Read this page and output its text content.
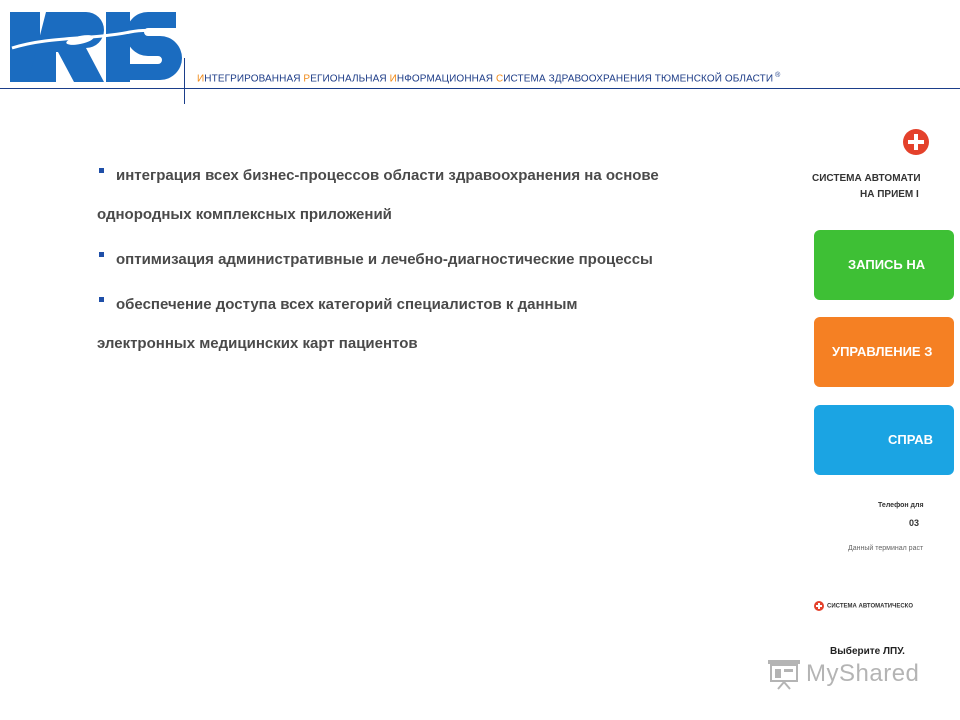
ИНТЕГРИРОВАННАЯ РЕГИОНАЛЬНАЯ ИНФОРМАЦИОННАЯ СИСТЕМА ЗДРАВООХРАНЕНИЯ ТЮМЕНСКОЙ ОБЛАСТИ ®
интеграция всех бизнес-процессов области здравоохранения на основе
однородных комплексных приложений
оптимизация административные и лечебно-диагностические процессы
обеспечение доступа всех категорий специалистов к данным
электронных медицинских карт пациентов
СИСТЕМА АВТОМАТИ
НА ПРИЕМ I
ЗАПИСЬ НА
УПРАВЛЕНИЕ З
СПРАВ
Телефон для
03
Данный терминал раст
СИСТЕМА АВТОМАТИЧЕСКО
Выберите ЛПУ.
MyShared
